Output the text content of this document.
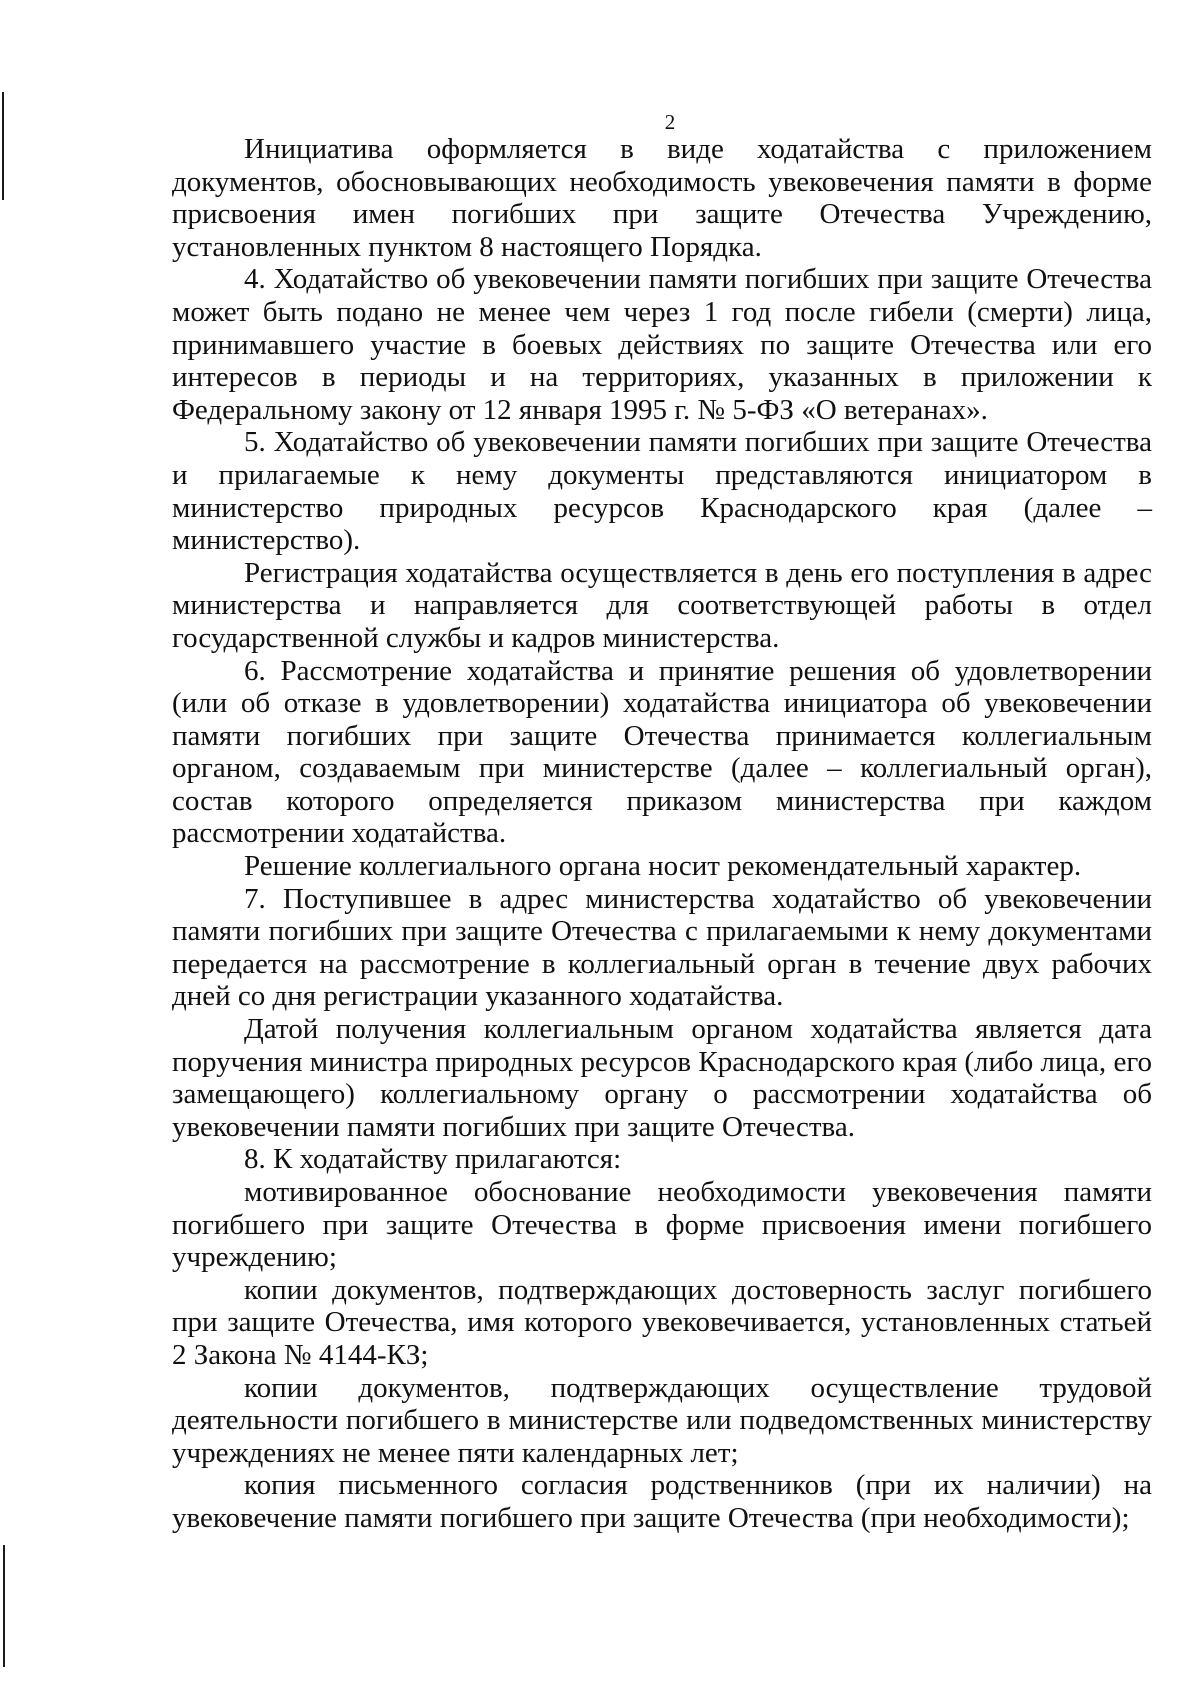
2

Инициатива оформляется в виде ходатайства с приложением документов, обосновывающих необходимость увековечения памяти в форме присвоения имен погибших при защите Отечества Учреждению, установленных пунктом 8 настоящего Порядка.

4. Ходатайство об увековечении памяти погибших при защите Отечества может быть подано не менее чем через 1 год после гибели (смерти) лица, принимавшего участие в боевых действиях по защите Отечества или его интересов в периоды и на территориях, указанных в приложении к Федеральному закону от 12 января 1995 г. № 5-ФЗ «О ветеранах».

5. Ходатайство об увековечении памяти погибших при защите Отечества и прилагаемые к нему документы представляются инициатором в министерство природных ресурсов Краснодарского края (далее – министерство).

Регистрация ходатайства осуществляется в день его поступления в адрес министерства и направляется для соответствующей работы в отдел государственной службы и кадров министерства.

6. Рассмотрение ходатайства и принятие решения об удовлетворении (или об отказе в удовлетворении) ходатайства инициатора об увековечении памяти погибших при защите Отечества принимается коллегиальным органом, создаваемым при министерстве (далее – коллегиальный орган), состав которого определяется приказом министерства при каждом рассмотрении ходатайства.

Решение коллегиального органа носит рекомендательный характер.

7. Поступившее в адрес министерства ходатайство об увековечении памяти погибших при защите Отечества с прилагаемыми к нему документами передается на рассмотрение в коллегиальный орган в течение двух рабочих дней со дня регистрации указанного ходатайства.

Датой получения коллегиальным органом ходатайства является дата поручения министра природных ресурсов Краснодарского края (либо лица, его замещающего) коллегиальному органу о рассмотрении ходатайства об увековечении памяти погибших при защите Отечества.

8. К ходатайству прилагаются:

мотивированное обоснование необходимости увековечения памяти погибшего при защите Отечества в форме присвоения имени погибшего учреждению;

копии документов, подтверждающих достоверность заслуг погибшего при защите Отечества, имя которого увековечивается, установленных статьей 2 Закона № 4144-КЗ;

копии документов, подтверждающих осуществление трудовой деятельности погибшего в министерстве или подведомственных министерству учреждениях не менее пяти календарных лет;

копия письменного согласия родственников (при их наличии) на увековечение памяти погибшего при защите Отечества (при необходимости);
